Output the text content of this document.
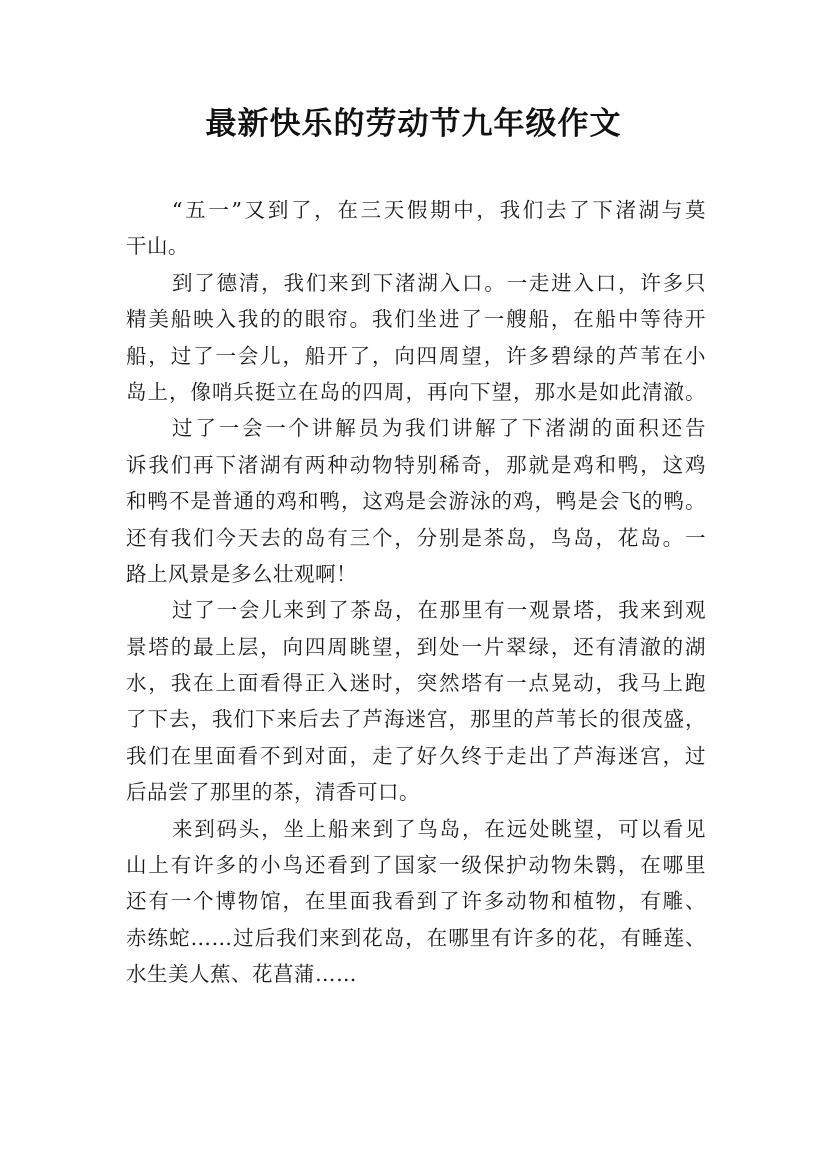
最新快乐的劳动节九年级作文
“五一”又到了，在三天假期中，我们去了下渚湖与莫
干山。
到了德清，我们来到下渚湖入口。一走进入口，许多只
精美船映入我的的眼帘。我们坐进了一艘船，在船中等待开
船，过了一会儿，船开了，向四周望，许多碧绿的芦苇在小
岛上，像哨兵挺立在岛的四周，再向下望，那水是如此清澈。
过了一会一个讲解员为我们讲解了下渚湖的面积还告
诉我们再下渚湖有两种动物特别稀奇，那就是鸡和鸭，这鸡
和鸭不是普通的鸡和鸭，这鸡是会游泳的鸡，鸭是会飞的鸭。
还有我们今天去的岛有三个，分别是茶岛，鸟岛，花岛。一
路上风景是多么壮观啊！
过了一会儿来到了茶岛，在那里有一观景塔，我来到观
景塔的最上层，向四周眺望，到处一片翠绿，还有清澈的湖
水，我在上面看得正入迷时，突然塔有一点晃动，我马上跑
了下去，我们下来后去了芦海迷宫，那里的芦苇长的很茂盛，
我们在里面看不到对面，走了好久终于走出了芦海迷宫，过
后品尝了那里的茶，清香可口。
来到码头，坐上船来到了鸟岛，在远处眺望，可以看见
山上有许多的小鸟还看到了国家一级保护动物朱鹮，在哪里
还有一个博物馆，在里面我看到了许多动物和植物，有雕、
赤练蛇……过后我们来到花岛，在哪里有许多的花，有睡莲、
水生美人蕉、花菖蒲……
